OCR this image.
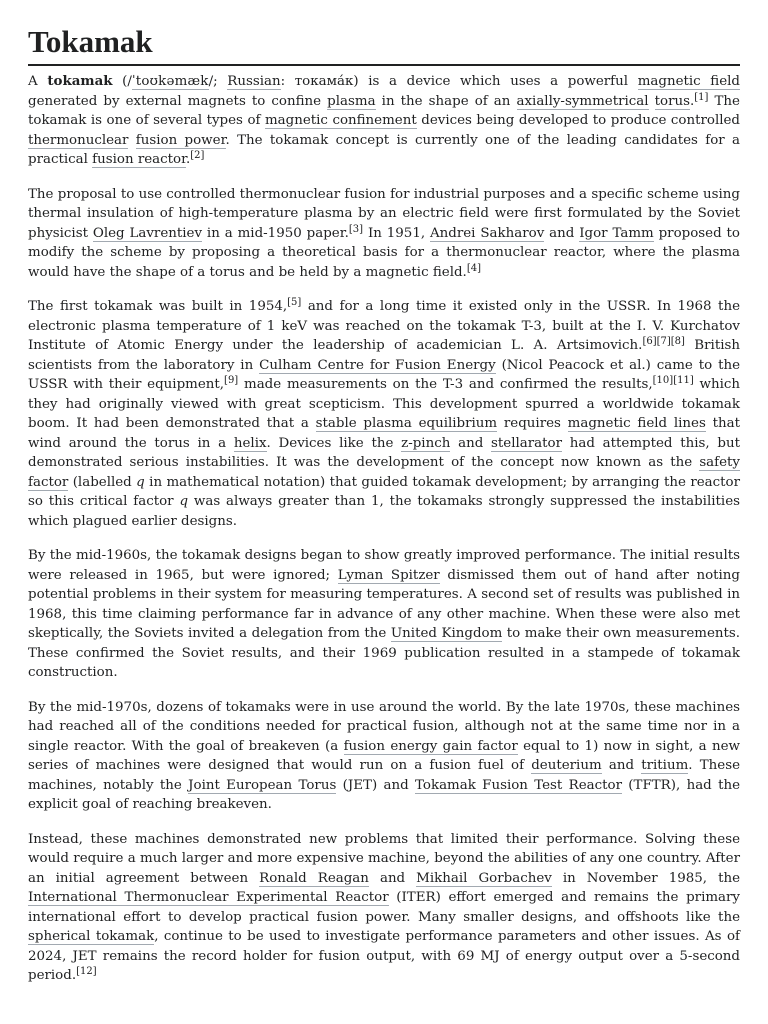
Tokamak

A tokamak (/ˈtoʊkəmæk/; Russian: токама́к) is a device which uses a powerful magnetic field generated by external magnets to confine plasma in the shape of an axially-symmetrical torus.[1] The tokamak is one of several types of magnetic confinement devices being developed to produce controlled thermonuclear fusion power. The tokamak concept is currently one of the leading candidates for a practical fusion reactor.[2]

The proposal to use controlled thermonuclear fusion for industrial purposes and a specific scheme using thermal insulation of high-temperature plasma by an electric field were first formulated by the Soviet physicist Oleg Lavrentiev in a mid-1950 paper.[3] In 1951, Andrei Sakharov and Igor Tamm proposed to modify the scheme by proposing a theoretical basis for a thermonuclear reactor, where the plasma would have the shape of a torus and be held by a magnetic field.[4]

The first tokamak was built in 1954,[5] and for a long time it existed only in the USSR. In 1968 the electronic plasma temperature of 1 keV was reached on the tokamak T-3, built at the I. V. Kurchatov Institute of Atomic Energy under the leadership of academician L. A. Artsimovich.[6][7][8] British scientists from the laboratory in Culham Centre for Fusion Energy (Nicol Peacock et al.) came to the USSR with their equipment,[9] made measurements on the T-3 and confirmed the results,[10][11] which they had originally viewed with great scepticism. This development spurred a worldwide tokamak boom. It had been demonstrated that a stable plasma equilibrium requires magnetic field lines that wind around the torus in a helix. Devices like the z-pinch and stellarator had attempted this, but demonstrated serious instabilities. It was the development of the concept now known as the safety factor (labelled q in mathematical notation) that guided tokamak development; by arranging the reactor so this critical factor q was always greater than 1, the tokamaks strongly suppressed the instabilities which plagued earlier designs.

By the mid-1960s, the tokamak designs began to show greatly improved performance. The initial results were released in 1965, but were ignored; Lyman Spitzer dismissed them out of hand after noting potential problems in their system for measuring temperatures. A second set of results was published in 1968, this time claiming performance far in advance of any other machine. When these were also met skeptically, the Soviets invited a delegation from the United Kingdom to make their own measurements. These confirmed the Soviet results, and their 1969 publication resulted in a stampede of tokamak construction.

By the mid-1970s, dozens of tokamaks were in use around the world. By the late 1970s, these machines had reached all of the conditions needed for practical fusion, although not at the same time nor in a single reactor. With the goal of breakeven (a fusion energy gain factor equal to 1) now in sight, a new series of machines were designed that would run on a fusion fuel of deuterium and tritium. These machines, notably the Joint European Torus (JET) and Tokamak Fusion Test Reactor (TFTR), had the explicit goal of reaching breakeven.

Instead, these machines demonstrated new problems that limited their performance. Solving these would require a much larger and more expensive machine, beyond the abilities of any one country. After an initial agreement between Ronald Reagan and Mikhail Gorbachev in November 1985, the International Thermonuclear Experimental Reactor (ITER) effort emerged and remains the primary international effort to develop practical fusion power. Many smaller designs, and offshoots like the spherical tokamak, continue to be used to investigate performance parameters and other issues. As of 2024, JET remains the record holder for fusion output, with 69 MJ of energy output over a 5-second period.[12]
